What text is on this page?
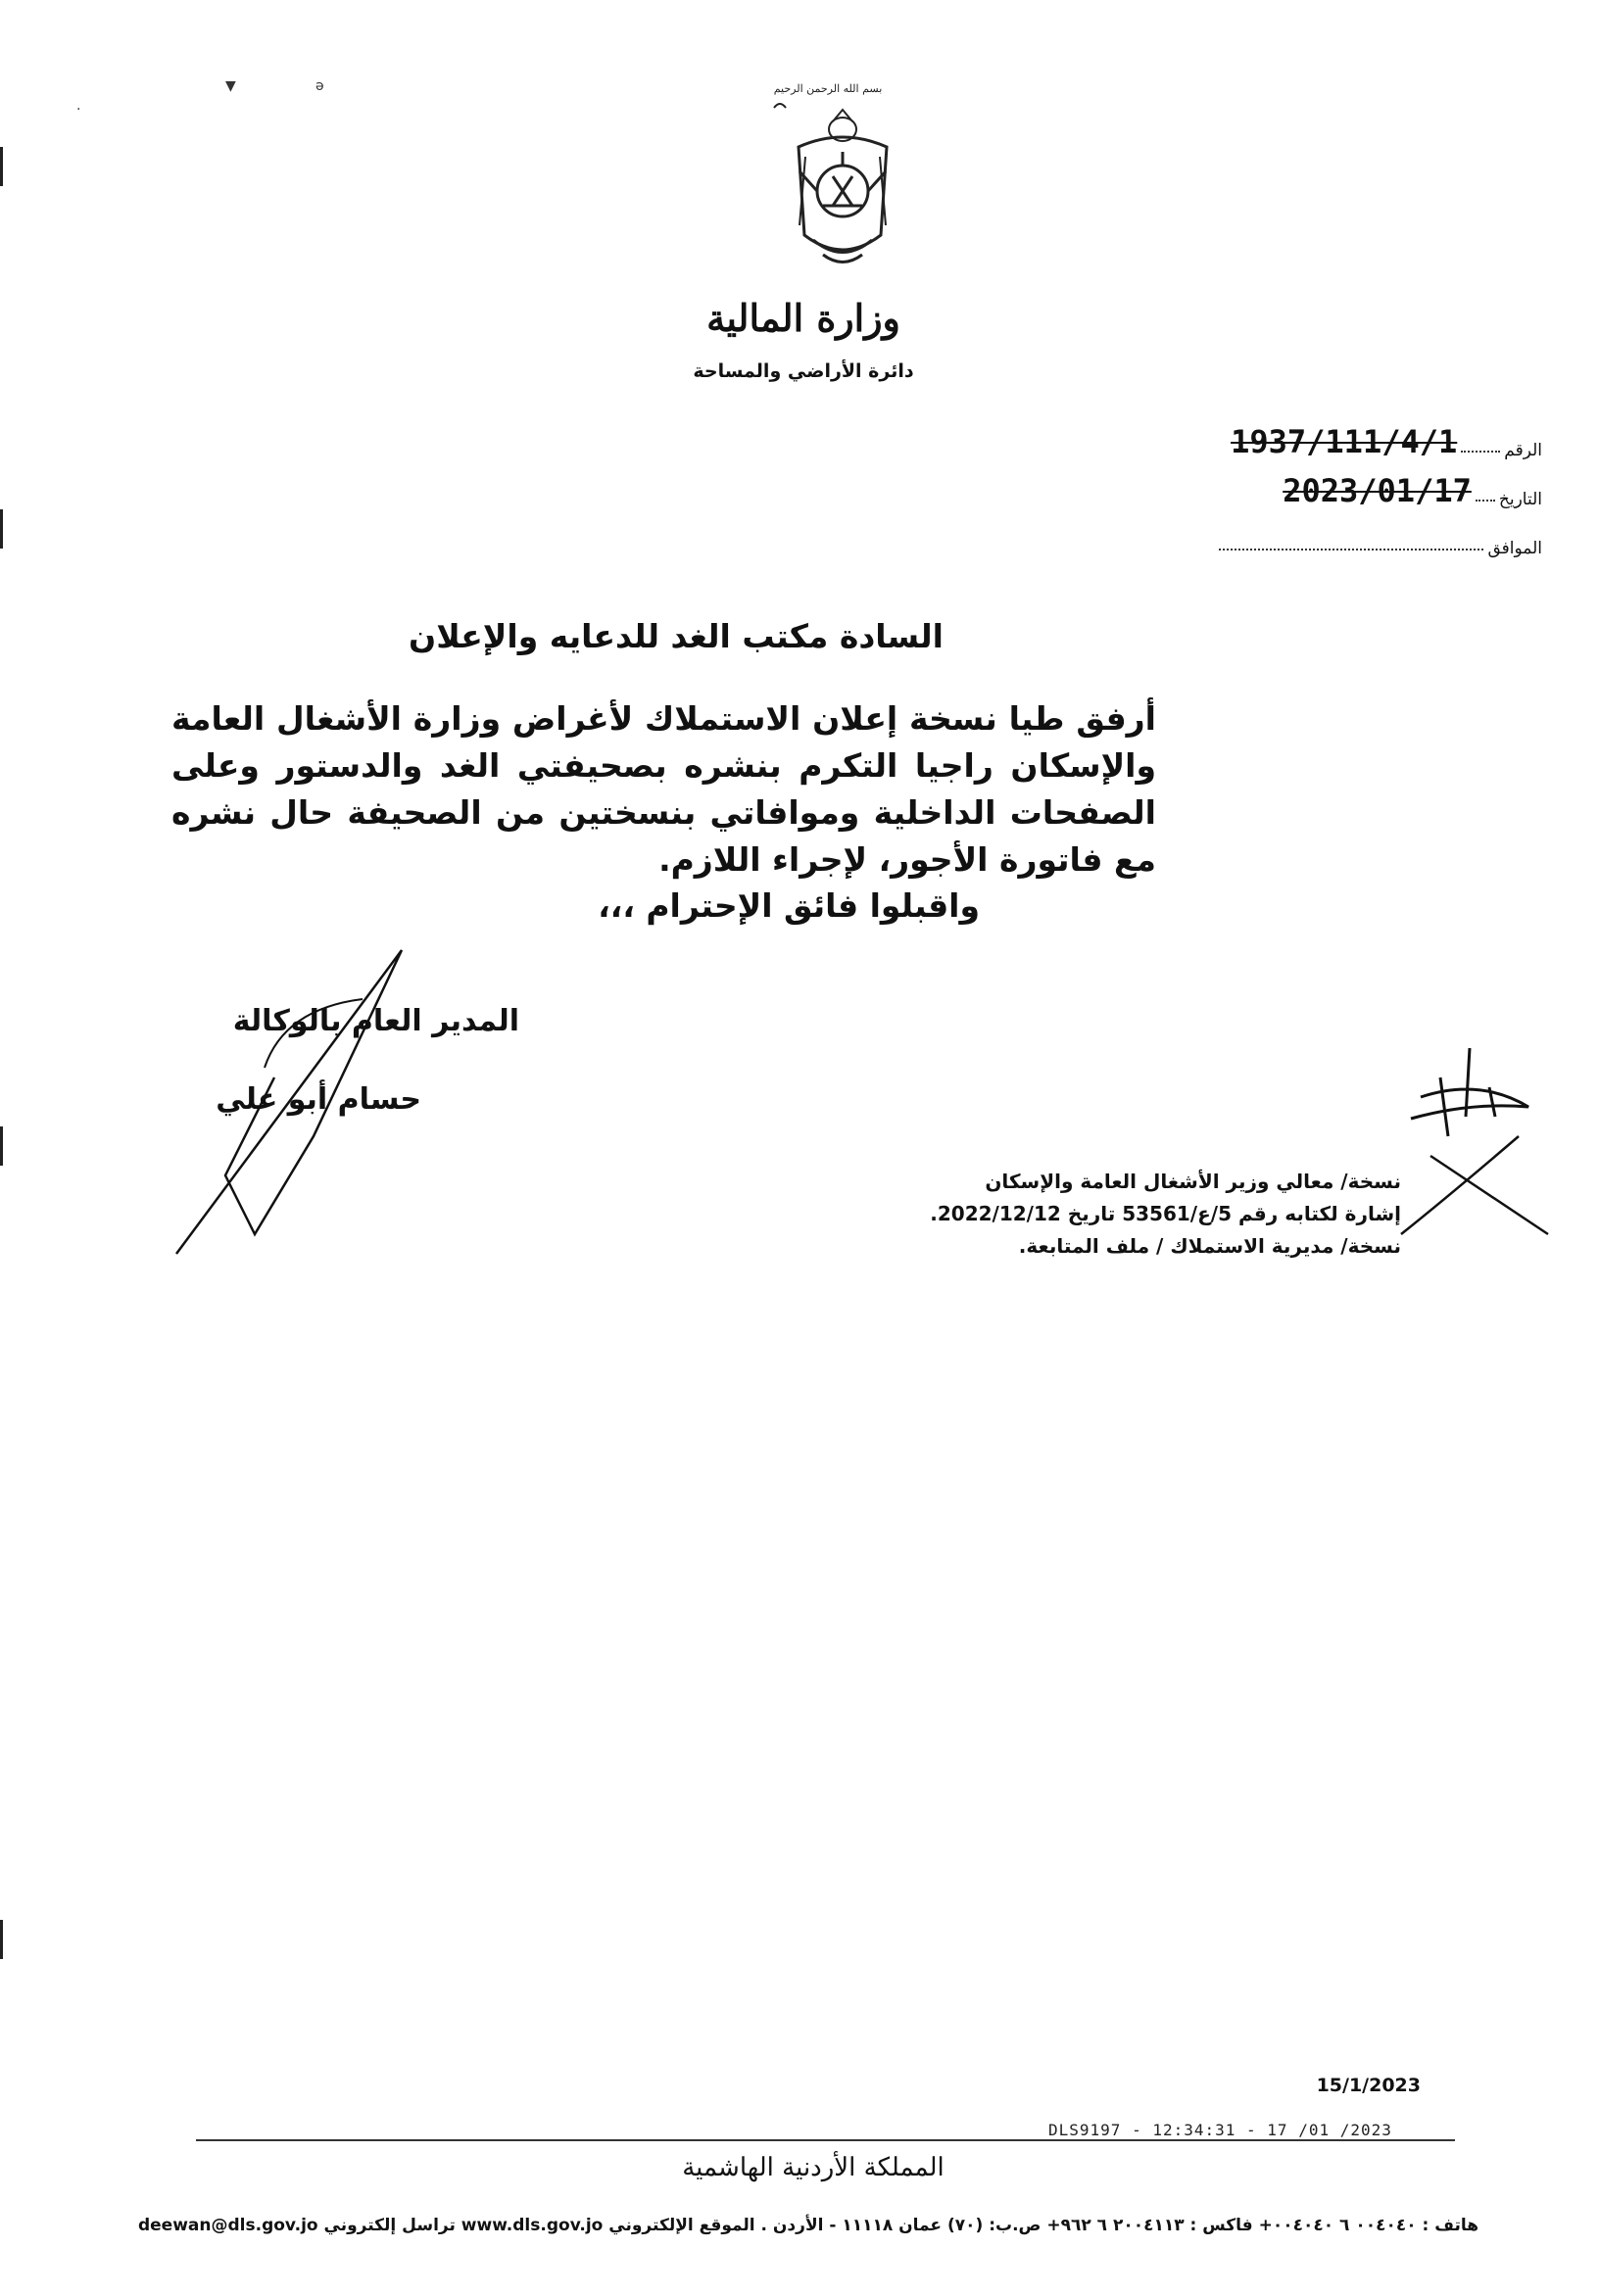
▼	ə
·
بسم الله الرحمن الرحيم
وزارة المالية
دائرة الأراضي والمساحة
الرقم
1937/111/4/1
التاريخ
2023/01/17
الموافق
السادة مكتب الغد للدعايه والإعلان
أرفق طيا نسخة إعلان الاستملاك لأغراض وزارة الأشغال العامة والإسكان راجيا التكرم بنشره بصحيفتي الغد والدستور وعلى الصفحات الداخلية وموافاتي بنسختين من الصحيفة حال نشره مع فاتورة الأجور، لإجراء اللازم.
واقبلوا فائق الإحترام ،،،
المدير العام بالوكالة
حسام أبو علي
نسخة/ معالي وزير الأشغال العامة والإسكان
إشارة لكتابه رقم 5/ع/53561 تاريخ 2022/12/12.
نسخة/ مديرية الاستملاك / ملف المتابعة.
15/1/2023
DLS9197 - 12:34:31 - 17 /01 /2023
المملكة الأردنية الهاشمية
هاتف : ٠٠٤٠٤٠ ٦ ٠٠٤٠٤٠+ فاكس : ٢٠٠٤١١٣ ٦ ٩٦٢+ ص.ب: (٧٠) عمان ١١١١٨ - الأردن . الموقع الإلكتروني www.dls.gov.jo تراسل إلكتروني deewan@dls.gov.jo
